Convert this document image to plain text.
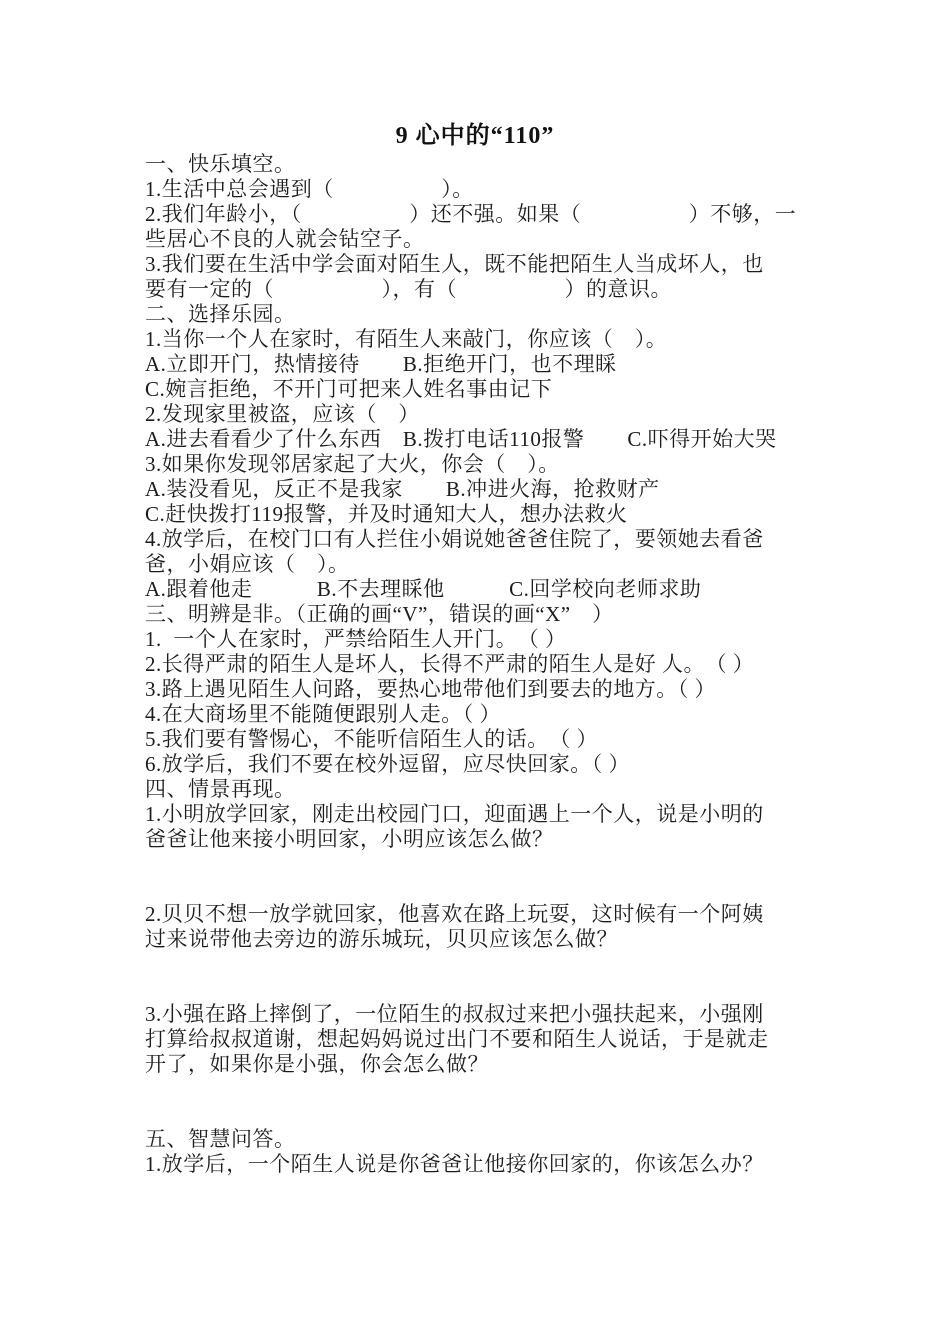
9 心中的“110”
一、快乐填空。
1.生活中总会遇到（　　　　　）。
2.我们年龄小，（　　　　　）还不强。如果（　　　　　）不够，一
些居心不良的人就会钻空子。
3.我们要在生活中学会面对陌生人，既不能把陌生人当成坏人，也
要有一定的（　　　　　），有（　　　　　）的意识。
二、选择乐园。
1.当你一个人在家时，有陌生人来敲门，你应该（　）。
A.立即开门，热情接待　　B.拒绝开门，也不理睬
C.婉言拒绝，不开门可把来人姓名事由记下
2.发现家里被盗，应该（　）
A.进去看看少了什么东西　B.拨打电话110报警　　C.吓得开始大哭
3.如果你发现邻居家起了大火，你会（　）。
A.装没看见，反正不是我家　　B.冲进火海，抢救财产
C.赶快拨打119报警，并及时通知大人，想办法救火
4.放学后，在校门口有人拦住小娟说她爸爸住院了，要领她去看爸
爸，小娟应该（　）。
A.跟着他走　　　B.不去理睬他　　　C.回学校向老师求助
三、明辨是非。（正确的画“V”，错误的画“X”　）
1.  一个人在家时，严禁给陌生人开门。　（ ）
2.长得严肃的陌生人是坏人，长得不严肃的陌生人是好 人。　（ ）
3.路上遇见陌生人问路，要热心地带他们到要去的地方。（ ）
4.在大商场里不能随便跟别人走。（ ）
5.我们要有警惕心，不能听信陌生人的话。　（ ）
6.放学后，我们不要在校外逗留，应尽快回家。（ ）
四、情景再现。
1.小明放学回家，刚走出校园门口，迎面遇上一个人，说是小明的
爸爸让他来接小明回家，小明应该怎么做？

2.贝贝不想一放学就回家，他喜欢在路上玩耍，这时候有一个阿姨
过来说带他去旁边的游乐城玩，贝贝应该怎么做？

3.小强在路上摔倒了，一位陌生的叔叔过来把小强扶起来，小强刚
打算给叔叔道谢，想起妈妈说过出门不要和陌生人说话，于是就走
开了，如果你是小强，你会怎么做？

五、智慧问答。
1.放学后，一个陌生人说是你爸爸让他接你回家的，你该怎么办？
